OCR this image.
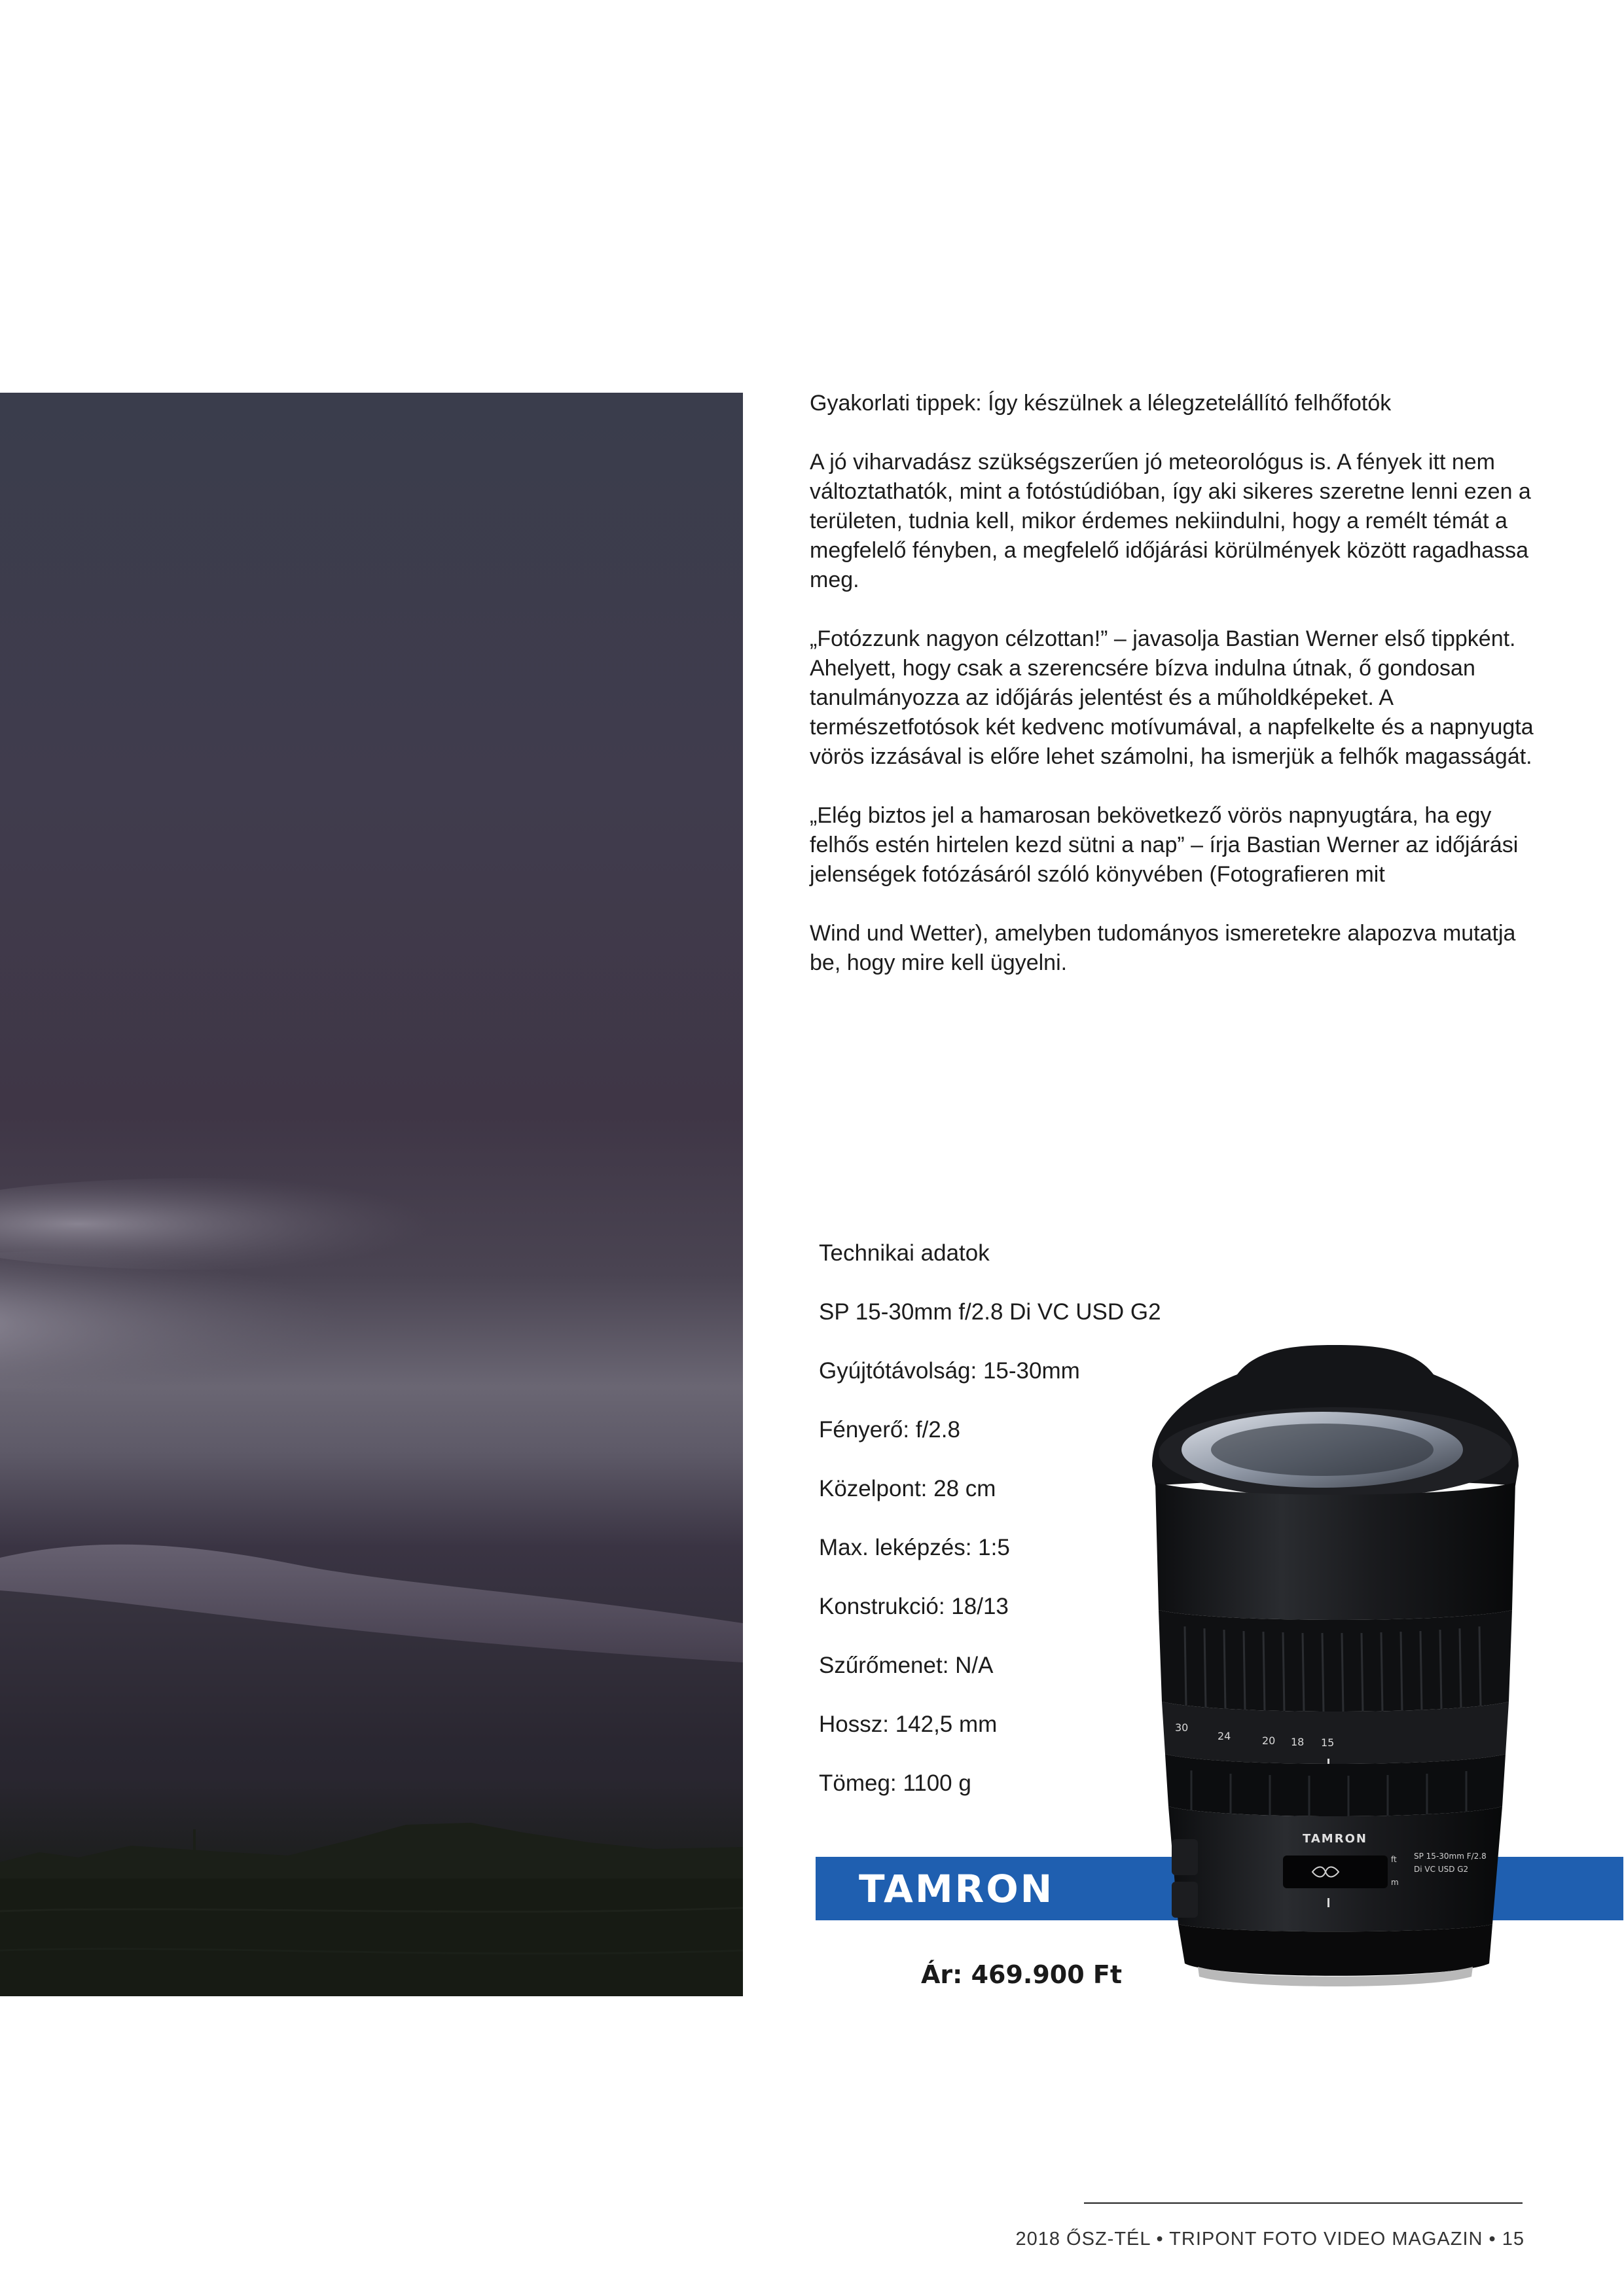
Gyakorlati tippek: Így készülnek a lélegzetelállító felhőfotók

A jó viharvadász szükségszerűen jó meteorológus is. A fények itt nem változtathatók, mint a fotóstúdióban, így aki sikeres szeretne lenni ezen a területen, tudnia kell, mikor érdemes nekiindulni, hogy a remélt témát a megfelelő fényben, a megfelelő időjárási körülmények között ragadhassa meg.

„Fotózzunk nagyon célzottan!” – javasolja Bastian Werner első tippként. Ahelyett, hogy csak a szerencsére bízva indulna útnak, ő gondosan tanulmányozza az időjárás jelentést és a műholdképeket. A természetfotósok két kedvenc motívumával, a napfelkelte és a napnyugta vörös izzásával is előre lehet számolni, ha ismerjük a felhők magasságát.

„Elég biztos jel a hamarosan bekövetkező vörös napnyugtára, ha egy felhős estén hirtelen kezd sütni a nap” – írja Bastian Werner az időjárási jelenségek fotózásáról szóló könyvében (Fotografieren mit

Wind und Wetter), amelyben tudományos ismeretekre alapozva mutatja be, hogy mire kell ügyelni.

Technikai adatok
SP 15-30mm f/2.8 Di VC USD G2
Gyújtótávolság: 15-30mm
Fényerő: f/2.8
Közelpont: 28 cm
Max. leképzés: 1:5
Konstrukció: 18/13
Szűrőmenet: N/A
Hossz: 142,5 mm
Tömeg: 1100 g
TAMRON
30
24	20 18 15
TAMRON
SP 15-30mm F/2.8
Di VC USD G2
ft
m
Ár: 469.900 Ft
2018 ŐSZ-TÉL • TRIPONT FOTO VIDEO MAGAZIN • 15
